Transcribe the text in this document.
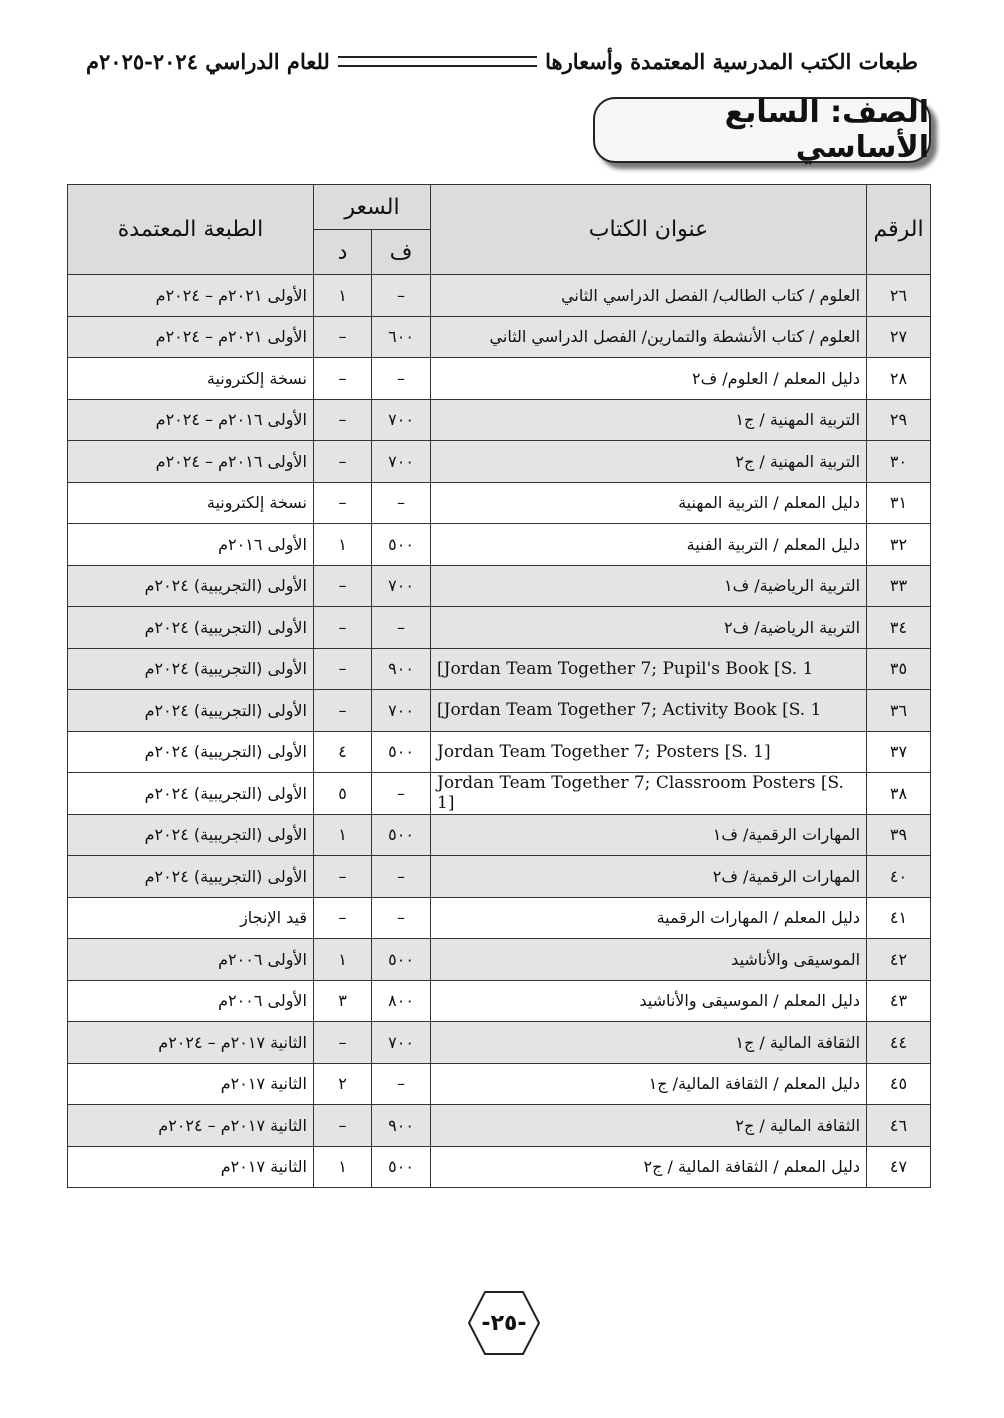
طبعات الكتب المدرسية المعتمدة وأسعارها
للعام الدراسي ٢٠٢٤-٢٠٢٥م
الصف: السابع الأساسي
الرقم	عنوان الكتاب	السعر		الطبعة المعتمدة
		ف	د	
٢٦	العلوم / كتاب الطالب/ الفصل الدراسي الثاني	–	١	الأولى ٢٠٢١م – ٢٠٢٤م
٢٧	العلوم / كتاب الأنشطة والتمارين/ الفصل الدراسي الثاني	٦٠٠	–	الأولى ٢٠٢١م – ٢٠٢٤م
٢٨	دليل المعلم / العلوم/ ف٢	–	–	نسخة إلكترونية
٢٩	التربية المهنية / ج١	٧٠٠	–	الأولى ٢٠١٦م – ٢٠٢٤م
٣٠	التربية المهنية / ج٢	٧٠٠	–	الأولى ٢٠١٦م – ٢٠٢٤م
٣١	دليل المعلم / التربية المهنية	–	–	نسخة إلكترونية
٣٢	دليل المعلم / التربية الفنية	٥٠٠	١	الأولى ٢٠١٦م
٣٣	التربية الرياضية/ ف١	٧٠٠	–	الأولى (التجريبية) ٢٠٢٤م
٣٤	التربية الرياضية/ ف٢	–	–	الأولى (التجريبية) ٢٠٢٤م
٣٥	[Jordan Team Together 7; Pupil's Book [S. 1	٩٠٠	–	الأولى (التجريبية) ٢٠٢٤م
٣٦	[Jordan Team Together 7; Activity Book [S. 1	٧٠٠	–	الأولى (التجريبية) ٢٠٢٤م
٣٧	Jordan Team Together 7; Posters [S. 1]	٥٠٠	٤	الأولى (التجريبية) ٢٠٢٤م
٣٨	Jordan Team Together 7; Classroom Posters [S. 1]	–	٥	الأولى (التجريبية) ٢٠٢٤م
٣٩	المهارات الرقمية/ ف١	٥٠٠	١	الأولى (التجريبية) ٢٠٢٤م
٤٠	المهارات الرقمية/ ف٢	–	–	الأولى (التجريبية) ٢٠٢٤م
٤١	دليل المعلم / المهارات الرقمية	–	–	قيد الإنجاز
٤٢	الموسيقى والأناشيد	٥٠٠	١	الأولى ٢٠٠٦م
٤٣	دليل المعلم / الموسيقى والأناشيد	٨٠٠	٣	الأولى ٢٠٠٦م
٤٤	الثقافة المالية / ج١	٧٠٠	–	الثانية ٢٠١٧م – ٢٠٢٤م
٤٥	دليل المعلم / الثقافة المالية/ ج١	–	٢	الثانية ٢٠١٧م
٤٦	الثقافة المالية / ج٢	٩٠٠	–	الثانية ٢٠١٧م – ٢٠٢٤م
٤٧	دليل المعلم / الثقافة المالية / ج٢	٥٠٠	١	الثانية ٢٠١٧م
-٢٥-
